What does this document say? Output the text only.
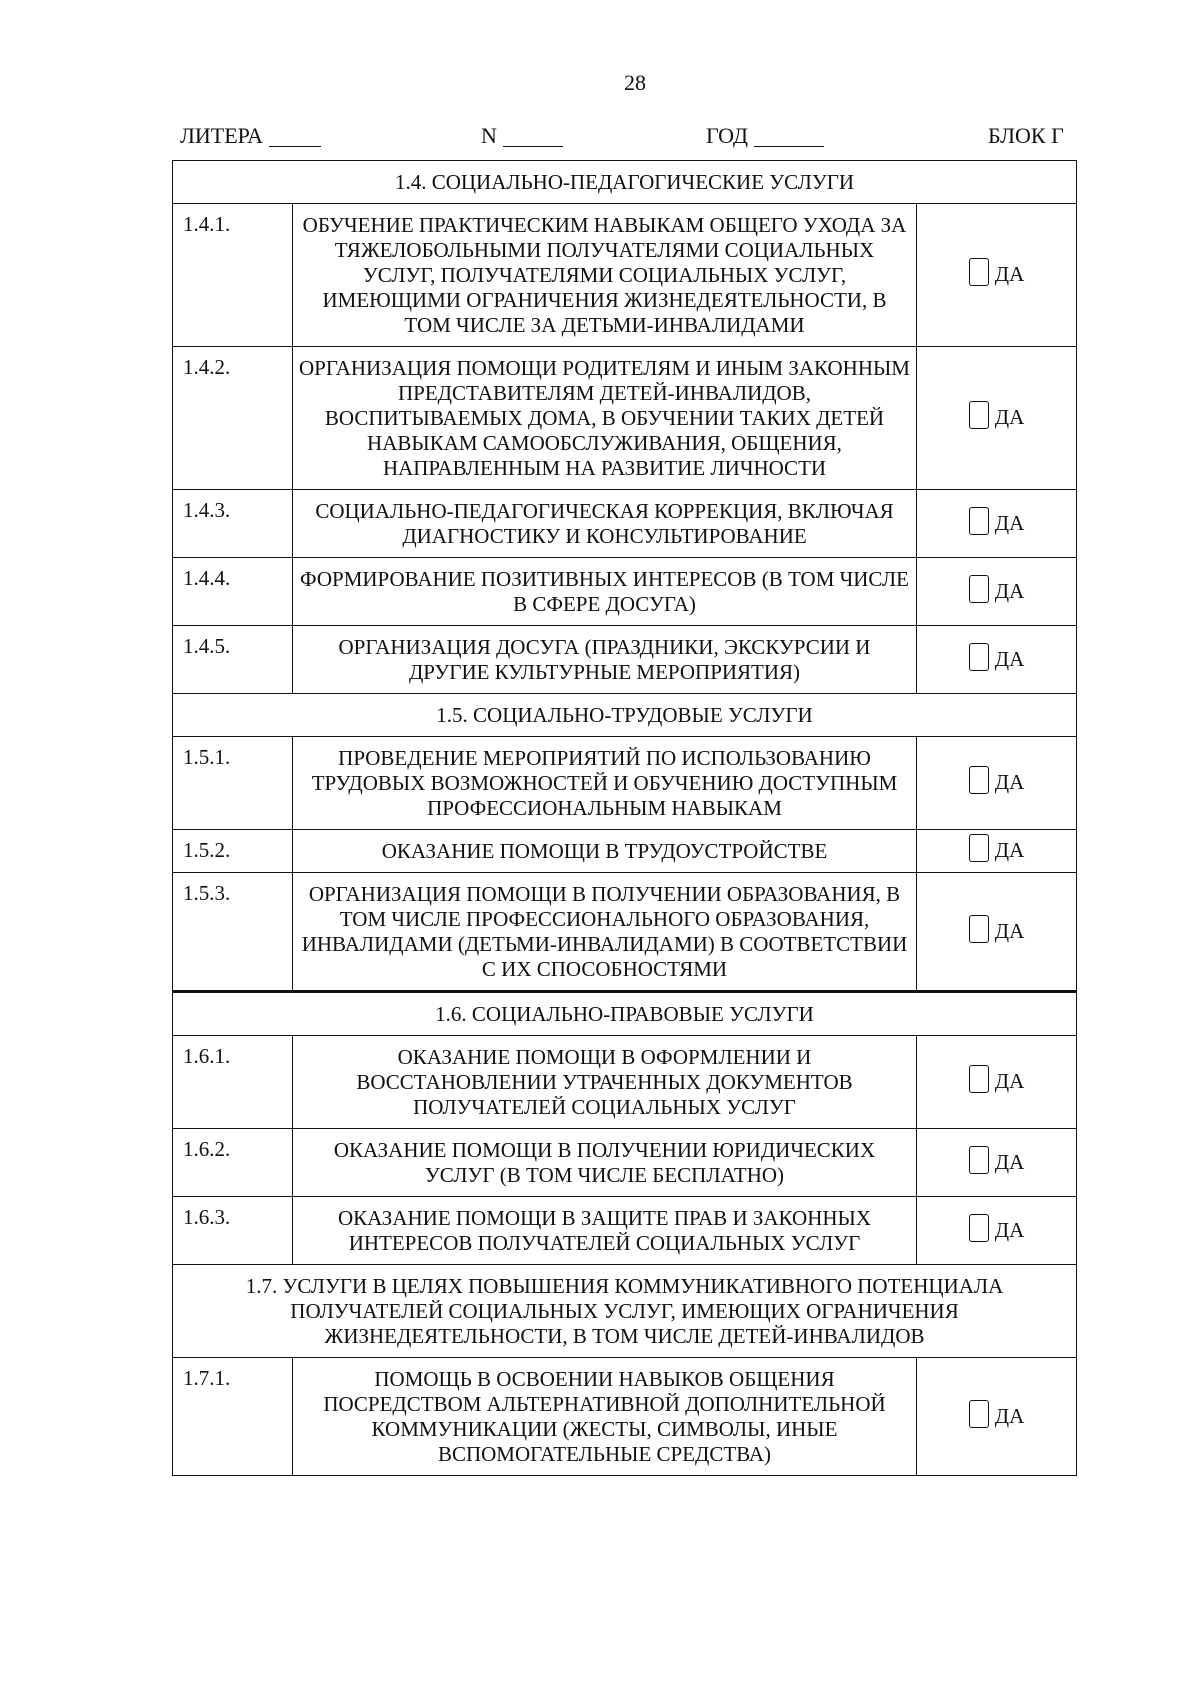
28
ЛИТЕРА	N	ГОД	БЛОК Г
1.4. СОЦИАЛЬНО-ПЕДАГОГИЧЕСКИЕ УСЛУГИ		
1.4.1.	ОБУЧЕНИЕ ПРАКТИЧЕСКИМ НАВЫКАМ ОБЩЕГО УХОДА ЗА ТЯЖЕЛОБОЛЬНЫМИ ПОЛУЧАТЕЛЯМИ СОЦИАЛЬНЫХ УСЛУГ, ПОЛУЧАТЕЛЯМИ СОЦИАЛЬНЫХ УСЛУГ, ИМЕЮЩИМИ ОГРАНИЧЕНИЯ ЖИЗНЕДЕЯТЕЛЬНОСТИ, В ТОМ ЧИСЛЕ ЗА ДЕТЬМИ-ИНВАЛИДАМИ	ДА

1.4.2.	ОРГАНИЗАЦИЯ ПОМОЩИ РОДИТЕЛЯМ И ИНЫМ ЗАКОННЫМ ПРЕДСТАВИТЕЛЯМ ДЕТЕЙ-ИНВАЛИДОВ, ВОСПИТЫВАЕМЫХ ДОМА, В ОБУЧЕНИИ ТАКИХ ДЕТЕЙ НАВЫКАМ САМООБСЛУЖИВАНИЯ, ОБЩЕНИЯ, НАПРАВЛЕННЫМ НА РАЗВИТИЕ ЛИЧНОСТИ	ДА

1.4.3.	СОЦИАЛЬНО-ПЕДАГОГИЧЕСКАЯ КОРРЕКЦИЯ, ВКЛЮЧАЯ ДИАГНОСТИКУ И КОНСУЛЬТИРОВАНИЕ	ДА

1.4.4.	ФОРМИРОВАНИЕ ПОЗИТИВНЫХ ИНТЕРЕСОВ (В ТОМ ЧИСЛЕ В СФЕРЕ ДОСУГА)	ДА

1.4.5.	ОРГАНИЗАЦИЯ ДОСУГА (ПРАЗДНИКИ, ЭКСКУРСИИ И ДРУГИЕ КУЛЬТУРНЫЕ МЕРОПРИЯТИЯ)	ДА

1.5. СОЦИАЛЬНО-ТРУДОВЫЕ УСЛУГИ		
1.5.1.	ПРОВЕДЕНИЕ МЕРОПРИЯТИЙ ПО ИСПОЛЬЗОВАНИЮ ТРУДОВЫХ ВОЗМОЖНОСТЕЙ И ОБУЧЕНИЮ ДОСТУПНЫМ ПРОФЕССИОНАЛЬНЫМ НАВЫКАМ	ДА

1.5.2.	ОКАЗАНИЕ ПОМОЩИ В ТРУДОУСТРОЙСТВЕ	ДА

1.5.3.	ОРГАНИЗАЦИЯ ПОМОЩИ В ПОЛУЧЕНИИ ОБРАЗОВАНИЯ, В ТОМ ЧИСЛЕ ПРОФЕССИОНАЛЬНОГО ОБРАЗОВАНИЯ, ИНВАЛИДАМИ (ДЕТЬМИ-ИНВАЛИДАМИ) В СООТВЕТСТВИИ С ИХ СПОСОБНОСТЯМИ	ДА

1.6. СОЦИАЛЬНО-ПРАВОВЫЕ УСЛУГИ		
1.6.1.	ОКАЗАНИЕ ПОМОЩИ В ОФОРМЛЕНИИ И ВОССТАНОВЛЕНИИ УТРАЧЕННЫХ ДОКУМЕНТОВ ПОЛУЧАТЕЛЕЙ СОЦИАЛЬНЫХ УСЛУГ	ДА

1.6.2.	ОКАЗАНИЕ ПОМОЩИ В ПОЛУЧЕНИИ ЮРИДИЧЕСКИХ УСЛУГ (В ТОМ ЧИСЛЕ БЕСПЛАТНО)	ДА

1.6.3.	ОКАЗАНИЕ ПОМОЩИ В ЗАЩИТЕ ПРАВ И ЗАКОННЫХ ИНТЕРЕСОВ ПОЛУЧАТЕЛЕЙ СОЦИАЛЬНЫХ УСЛУГ	ДА

1.7. УСЛУГИ В ЦЕЛЯХ ПОВЫШЕНИЯ КОММУНИКАТИВНОГО ПОТЕНЦИАЛА ПОЛУЧАТЕЛЕЙ СОЦИАЛЬНЫХ УСЛУГ, ИМЕЮЩИХ ОГРАНИЧЕНИЯ ЖИЗНЕДЕЯТЕЛЬНОСТИ, В ТОМ ЧИСЛЕ ДЕТЕЙ-ИНВАЛИДОВ		
1.7.1.	ПОМОЩЬ В ОСВОЕНИИ НАВЫКОВ ОБЩЕНИЯ ПОСРЕДСТВОМ АЛЬТЕРНАТИВНОЙ ДОПОЛНИТЕЛЬНОЙ КОММУНИКАЦИИ (ЖЕСТЫ, СИМВОЛЫ, ИНЫЕ ВСПОМОГАТЕЛЬНЫЕ СРЕДСТВА)	ДА
